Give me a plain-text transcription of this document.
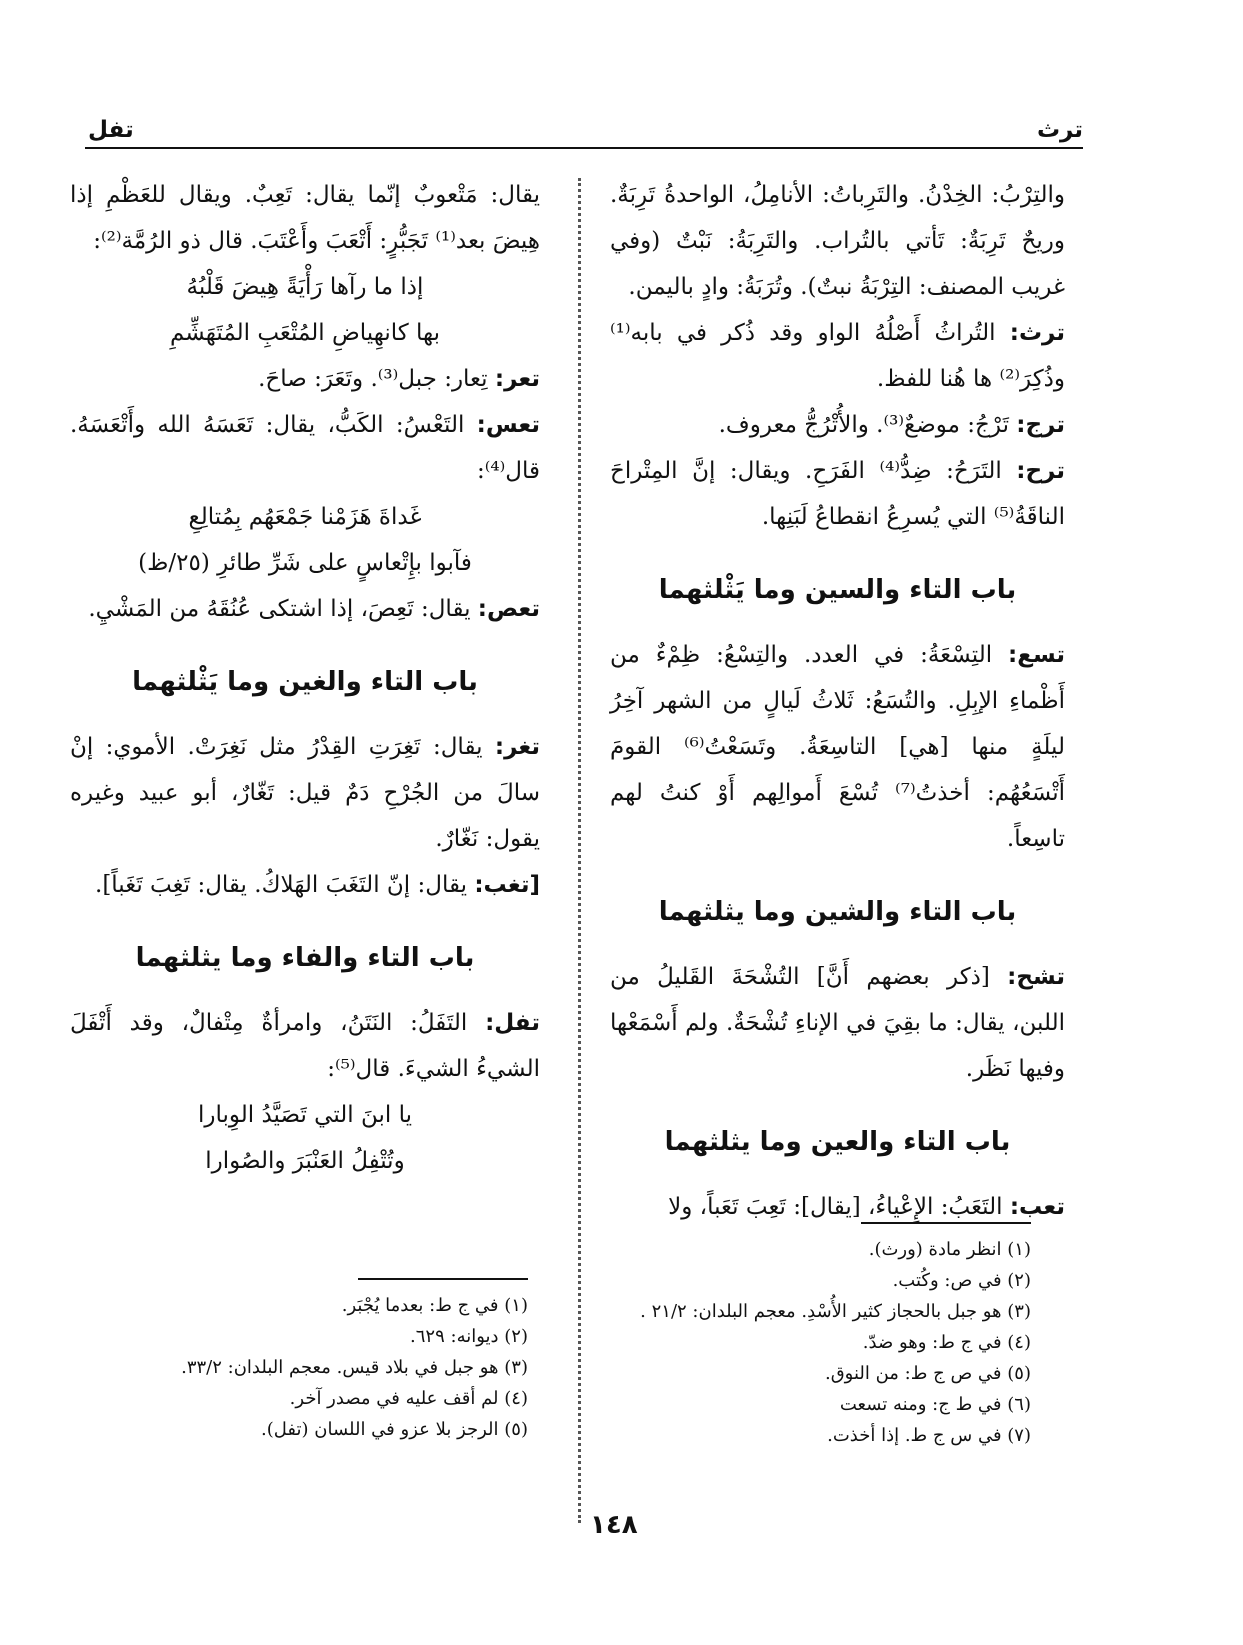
ترث
تفل

والتِرْبُ: الخِدْنُ. والتَرِباتُ: الأنامِلُ، الواحدةُ تَرِبَةٌ. وريحٌ تَرِبَةٌ: تَأتي بالتُراب. والتَرِبَةُ: نَبْتٌ (وفي غريب المصنف: التِرْبَةُ نبتٌ). وتُرَبَةُ: وادٍ باليمن.

ترث: التُراثُ أَصْلُهُ الواو وقد ذُكر في بابه⁽¹⁾ وذُكِرَ⁽²⁾ ها هُنا للفظ.

ترج: تَرْجُ: موضعٌ⁽³⁾. والأُتْرُجُّ معروف.

ترح: التَرَحُ: ضِدُّ⁽⁴⁾ الفَرَحِ. ويقال: إنَّ المِتْراحَ الناقَةُ⁽⁵⁾ التي يُسرِعُ انقطاعُ لَبَنِها.

باب التاء والسين وما يَثْلثهما

تسع: التِسْعَةُ: في العدد. والتِسْعُ: ظِمْءٌ من أَظْماءِ الإبِلِ. والتُسَعُ: ثَلاثُ لَيالٍ من الشهر آخِرُ ليلَةٍ منها [هي] التاسِعَةُ. وتَسَعْتُ⁽⁶⁾ القومَ أَتْسَعُهُم: أخذتُ⁽⁷⁾ تُسْعَ أَموالِهم أَوْ كنتُ لهم تاسِعاً.

باب التاء والشين وما يثلثهما

تشح: [ذكر بعضهم أَنَّ] التُشْحَةَ القَليلُ من اللبن، يقال: ما بقِيَ في الإناءِ تُشْحَةٌ. ولم أَسْمَعْها وفيها نَظَر.

باب التاء والعين وما يثلثهما

تعب: التَعَبُ: الإِعْياءُ، [يقال]: تَعِبَ تَعَباً، ولا

يقال: مَتْعوبٌ إنّما يقال: تَعِبٌ. ويقال للعَظْمِ إذا هِيضَ بعد⁽¹⁾ تَجَبُّرٍ: أَتْعَبَ وأَعْتَبَ. قال ذو الرُمَّة⁽²⁾:

إذا ما رآها رَأْيَةً هِيضَ قَلْبُهُ

بها كانهِياضِ المُتْعَبِ المُتَهَشِّمِ

تعر: تِعار: جبل⁽³⁾. وتَعَرَ: صاحَ.

تعس: التَعْسُ: الكَبُّ، يقال: تَعَسَهُ الله وأَتْعَسَهُ. قال⁽⁴⁾:

غَداةَ هَزَمْنا جَمْعَهُم بِمُتالِعِ

فآبوا بإِتْعاسٍ على شَرِّ طائرِ (٢٥/ظ)

تعص: يقال: تَعِصَ، إذا اشتكى عُنُقَهُ من المَشْيِ.

باب التاء والغين وما يَثْلثهما

تغر: يقال: تَغِرَتِ القِدْرُ مثل نَغِرَتْ. الأموي: إنْ سالَ من الجُرْحِ دَمٌ قيل: تَغّارٌ، أبو عبيد وغيره يقول: نَغّارٌ.

[تغب: يقال: إنّ التَغَبَ الهَلاكُ. يقال: تَغِبَ تَغَباً].

باب التاء والفاء وما يثلثهما

تفل: التَفَلُ: النَتَنُ، وامرأةٌ مِتْفالٌ، وقد أَتْفَلَ الشيءُ الشيءَ. قال⁽⁵⁾:

يا ابنَ التي تَصَيَّدُ الوِبارا

وتُتْفِلُ العَنْبَرَ والصُوارا

(١) انظر مادة (ورث).

(٢) في ص: وكُتب.

(٣) هو جبل بالحجاز كثير الأُسْدِ. معجم البلدان: ٢١/٢ .

(٤) في ج ط: وهو ضدّ.

(٥) في ص ج ط: من النوق.

(٦) في ط ج: ومنه تسعت

(٧) في س ج ط. إذا أخذت.

(١) في ج ط: بعدما يُجْبَر.

(٢) ديوانه: ٦٢٩.

(٣) هو جبل في بلاد قيس. معجم البلدان: ٣٣/٢.

(٤) لم أقف عليه في مصدر آخر.

(٥) الرجز بلا عزو في اللسان (تفل).

١٤٨
